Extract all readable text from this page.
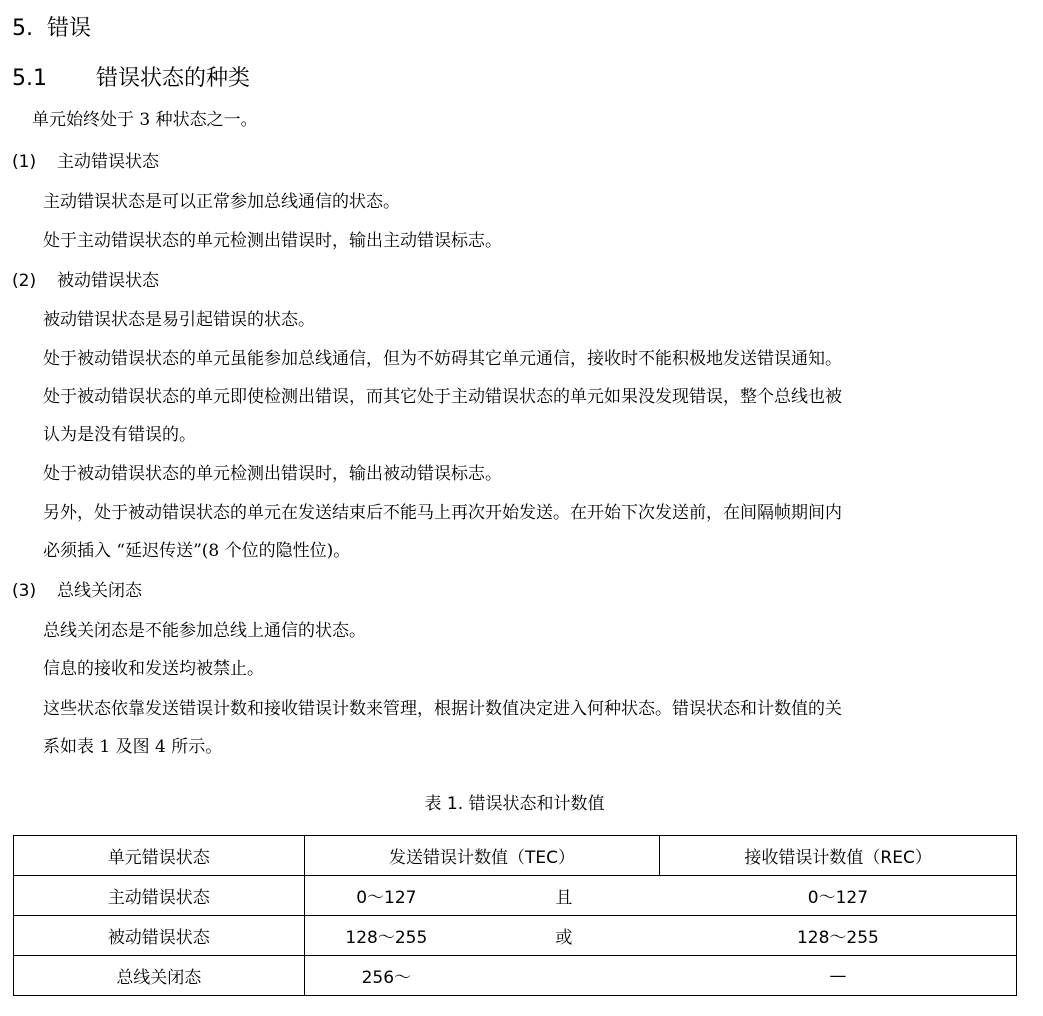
5. 错误
5.1 错误状态的种类
单元始终处于 3 种状态之一。
(1) 主动错误状态
主动错误状态是可以正常参加总线通信的状态。
处于主动错误状态的单元检测出错误时，输出主动错误标志。
(2) 被动错误状态
被动错误状态是易引起错误的状态。
处于被动错误状态的单元虽能参加总线通信，但为不妨碍其它单元通信，接收时不能积极地发送错误通知。
处于被动错误状态的单元即使检测出错误，而其它处于主动错误状态的单元如果没发现错误，整个总线也被
认为是没有错误的。
处于被动错误状态的单元检测出错误时，输出被动错误标志。
另外，处于被动错误状态的单元在发送结束后不能马上再次开始发送。在开始下次发送前，在间隔帧期间内
必须插入 “延迟传送”(8 个位的隐性位)。
(3) 总线关闭态
总线关闭态是不能参加总线上通信的状态。
信息的接收和发送均被禁止。
这些状态依靠发送错误计数和接收错误计数来管理，根据计数值决定进入何种状态。错误状态和计数值的关
系如表 1 及图 4 所示。
表 1. 错误状态和计数值
单元错误状态	发送错误计数值（TEC）		接收错误计数值（REC）
主动错误状态	0～127	且	0～127
被动错误状态	128～255	或	128～255
总线关闭态	256～		—
